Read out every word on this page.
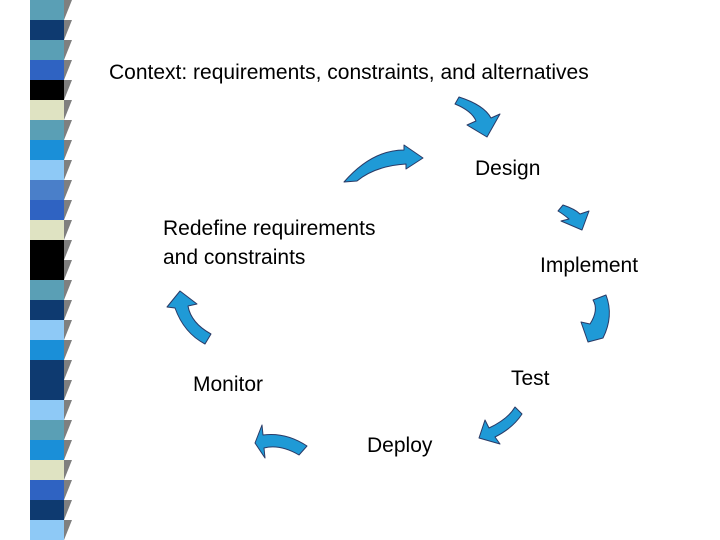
Context: requirements, constraints, and alternatives
Design
Redefine requirements
and constraints	Implement
Test
Monitor
Deploy
